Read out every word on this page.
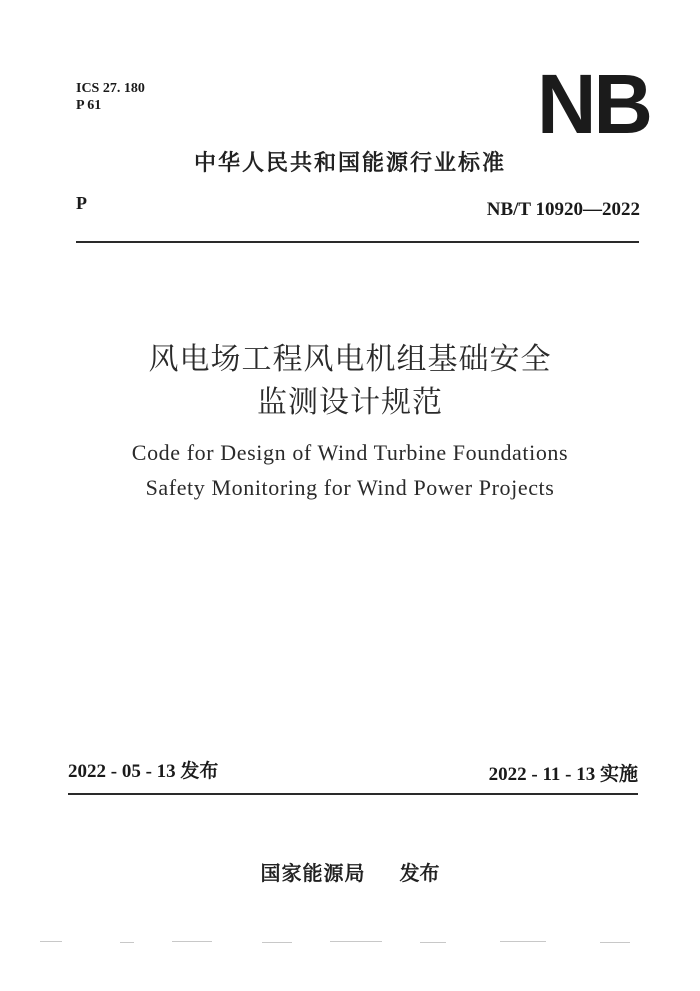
ICS 27. 180
P 61	NB
中华人民共和国能源行业标准
P	NB/T 10920—2022
风电场工程风电机组基础安全
监测设计规范
Code for Design of Wind Turbine Foundations
Safety Monitoring for Wind Power Projects
2022 - 05 - 13 发布	2022 - 11 - 13 实施
国家能源局 发布
